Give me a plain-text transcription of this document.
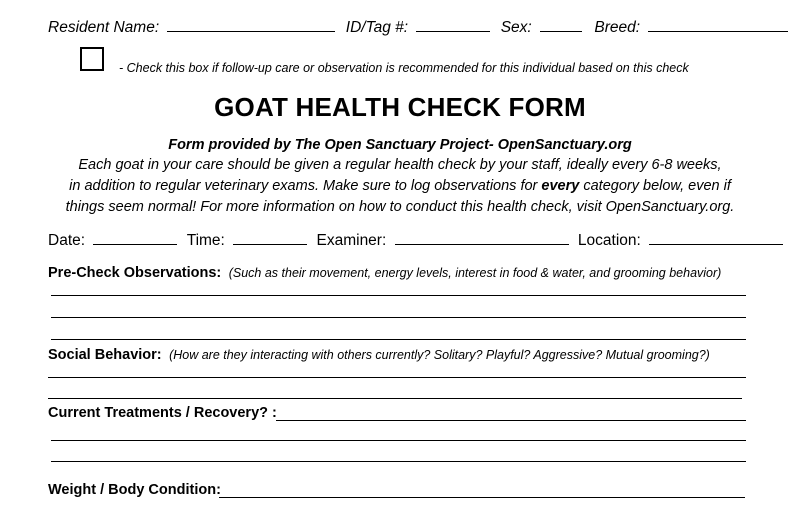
Resident Name:	ID/Tag #:	Sex:	Breed:
- Check this box if follow-up care or observation is recommended for this individual based on this check
GOAT HEALTH CHECK FORM
Form provided by The Open Sanctuary Project- OpenSanctuary.org
Each goat in your care should be given a regular health check by your staff, ideally every 6-8 weeks,
in addition to regular veterinary exams. Make sure to log observations for every category below, even if
things seem normal! For more information on how to conduct this health check, visit OpenSanctuary.org.
Date:	Time:	Examiner:	Location:
Pre-Check Observations: (Such as their movement, energy levels, interest in food & water, and grooming behavior)
Social Behavior: (How are they interacting with others currently? Solitary? Playful? Aggressive? Mutual grooming?)
Current Treatments / Recovery? :
Weight / Body Condition:
